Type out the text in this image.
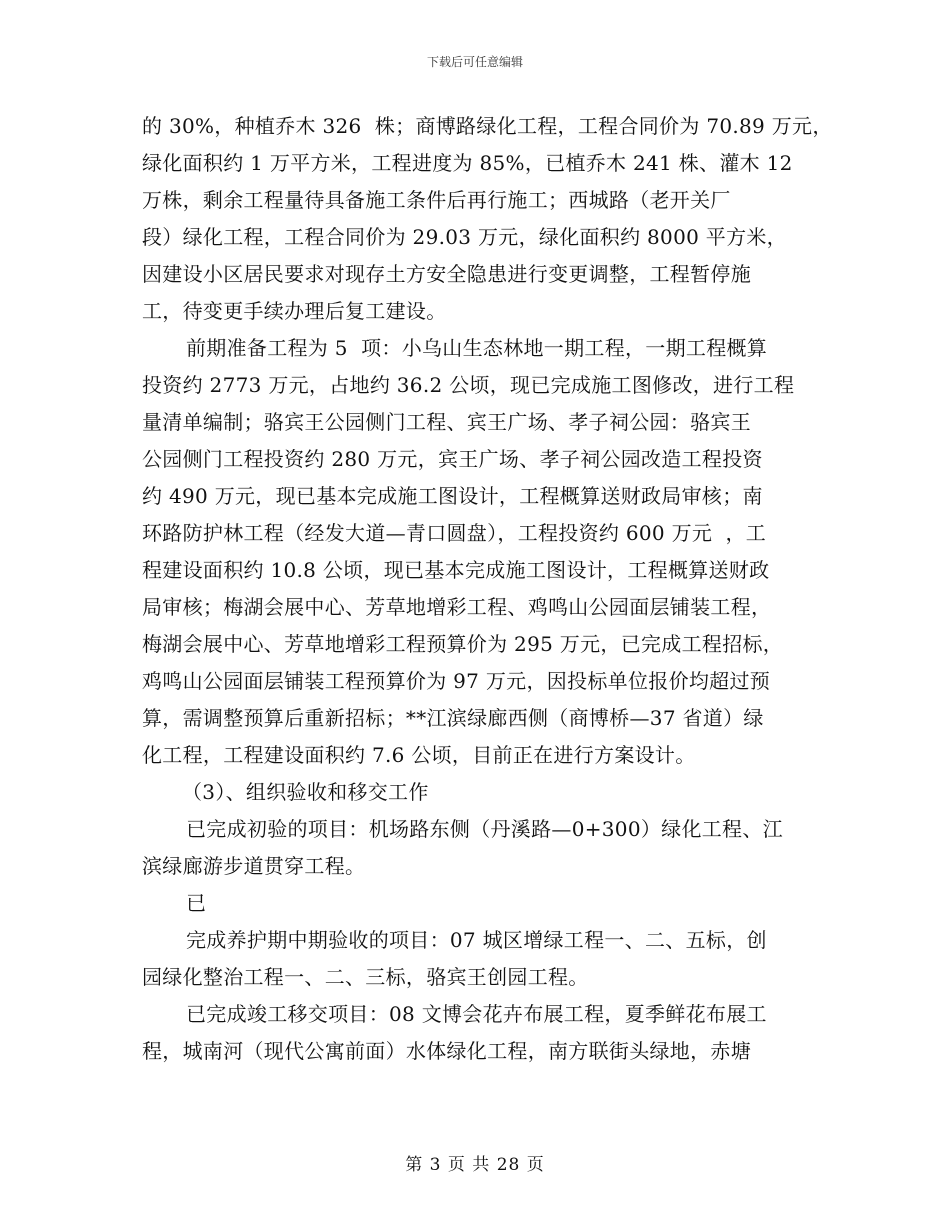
下载后可任意编辑
的 30%，种植乔木 326  株；商博路绿化工程，工程合同价为 70.89 万元，
绿化面积约 1 万平方米，工程进度为 85%，已植乔木 241 株、灌木 12
万株，剩余工程量待具备施工条件后再行施工；西城路（老开关厂
段）绿化工程，工程合同价为 29.03 万元，绿化面积约 8000 平方米，
因建设小区居民要求对现存土方安全隐患进行变更调整，工程暂停施
工，待变更手续办理后复工建设。
前期准备工程为 5  项：小乌山生态林地一期工程，一期工程概算
投资约 2773 万元，占地约 36.2 公顷，现已完成施工图修改，进行工程
量清单编制；骆宾王公园侧门工程、宾王广场、孝子祠公园：骆宾王
公园侧门工程投资约 280 万元，宾王广场、孝子祠公园改造工程投资
约 490 万元，现已基本完成施工图设计，工程概算送财政局审核；南
环路防护林工程（经发大道—青口圆盘），工程投资约 600 万元  ，工
程建设面积约 10.8 公顷，现已基本完成施工图设计，工程概算送财政
局审核；梅湖会展中心、芳草地增彩工程、鸡鸣山公园面层铺装工程，
梅湖会展中心、芳草地增彩工程预算价为 295 万元，已完成工程招标，
鸡鸣山公园面层铺装工程预算价为 97 万元，因投标单位报价均超过预
算，需调整预算后重新招标；**江滨绿廊西侧（商博桥—37 省道）绿
化工程，工程建设面积约 7.6 公顷，目前正在进行方案设计。
（3）、组织验收和移交工作
已完成初验的项目：机场路东侧（丹溪路—0+300）绿化工程、江
滨绿廊游步道贯穿工程。
已
完成养护期中期验收的项目：07 城区增绿工程一、二、五标，创
园绿化整治工程一、二、三标，骆宾王创园工程。
已完成竣工移交项目：08 文博会花卉布展工程，夏季鲜花布展工
程，城南河（现代公寓前面）水体绿化工程，南方联街头绿地，赤塘
第 3 页 共 28 页
